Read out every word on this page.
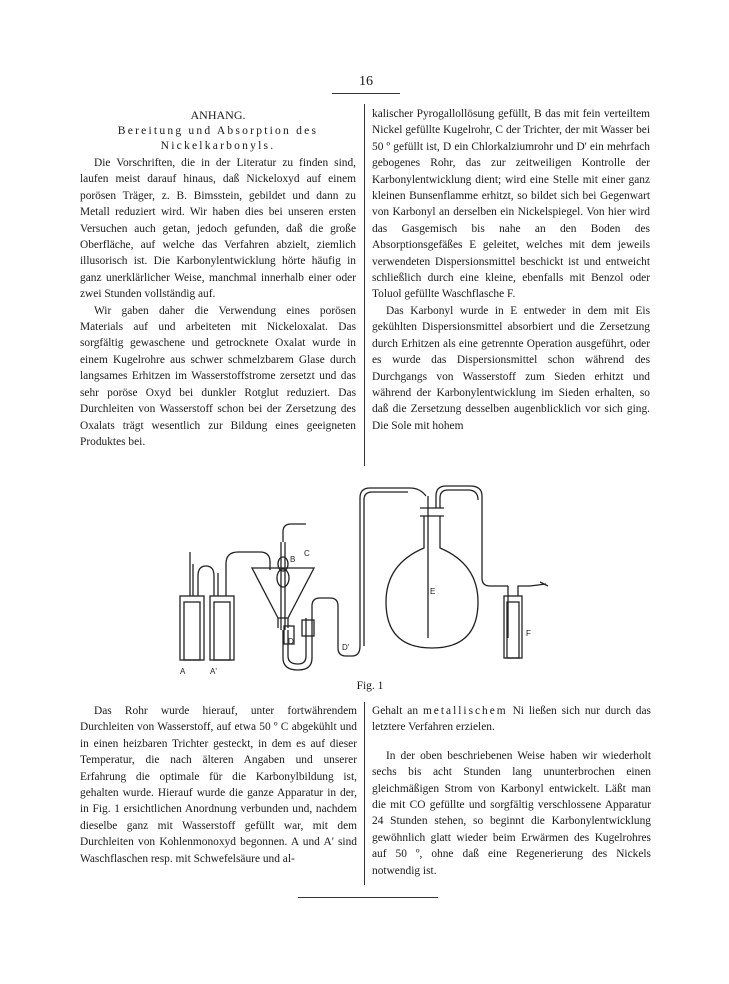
16
ANHANG.
Bereitung und Absorption des Nickelkarbonyls.

Die Vorschriften, die in der Literatur zu finden sind, laufen meist darauf hinaus, daß Nickeloxyd auf einem porösen Träger, z. B. Bimsstein, gebildet und dann zu Metall reduziert wird. Wir haben dies bei unseren ersten Versuchen auch getan, jedoch gefunden, daß die große Oberfläche, auf welche das Verfahren abzielt, ziemlich illusorisch ist. Die Karbonylentwicklung hörte häufig in ganz unerklärlicher Weise, manchmal innerhalb einer oder zwei Stunden vollständig auf.

Wir gaben daher die Verwendung eines porösen Materials auf und arbeiteten mit Nickeloxalat. Das sorgfältig gewaschene und getrocknete Oxalat wurde in einem Kugelrohre aus schwer schmelzbarem Glase durch langsames Erhitzen im Wasserstoffstrome zersetzt und das sehr poröse Oxyd bei dunkler Rotglut reduziert. Das Durchleiten von Wasserstoff schon bei der Zersetzung des Oxalats trägt wesentlich zur Bildung eines geeigneten Produktes bei.

kalischer Pyrogallollösung gefüllt, B das mit fein verteiltem Nickel gefüllte Kugelrohr, C der Trichter, der mit Wasser bei 50 º gefüllt ist, D ein Chlorkalziumrohr und D' ein mehrfach gebogenes Rohr, das zur zeitweiligen Kontrolle der Karbonylentwicklung dient; wird eine Stelle mit einer ganz kleinen Bunsenflamme erhitzt, so bildet sich bei Gegenwart von Karbonyl an derselben ein Nickelspiegel. Von hier wird das Gasgemisch bis nahe an den Boden des Absorptionsgefäßes E geleitet, welches mit dem jeweils verwendeten Dispersionsmittel beschickt ist und entweicht schließlich durch eine kleine, ebenfalls mit Benzol oder Toluol gefüllte Waschflasche F.

Das Karbonyl wurde in E entweder in dem mit Eis gekühlten Dispersionsmittel absorbiert und die Zersetzung durch Erhitzen als eine getrennte Operation ausgeführt, oder es wurde das Dispersionsmittel schon während des Durchgangs von Wasserstoff zum Sieden erhitzt und während der Karbonylentwicklung im Sieden erhalten, so daß die Zersetzung desselben augenblicklich vor sich ging. Die Sole mit hohem

A	A'
B
C
D
D'
E
F
Fig. 1

Das Rohr wurde hierauf, unter fortwährendem Durchleiten von Wasserstoff, auf etwa 50 º C abgekühlt und in einen heizbaren Trichter gesteckt, in dem es auf dieser Temperatur, die nach älteren Angaben und unserer Erfahrung die optimale für die Karbonylbildung ist, gehalten wurde. Hierauf wurde die ganze Apparatur in der, in Fig. 1 ersichtlichen Anordnung verbunden und, nachdem dieselbe ganz mit Wasserstoff gefüllt war, mit dem Durchleiten von Kohlenmonoxyd begonnen. A und A' sind Waschflaschen resp. mit Schwefelsäure und al-

Gehalt an metallischem Ni ließen sich nur durch das letztere Verfahren erzielen.

In der oben beschriebenen Weise haben wir wiederholt sechs bis acht Stunden lang ununterbrochen einen gleichmäßigen Strom von Karbonyl entwickelt. Läßt man die mit CO gefüllte und sorgfältig verschlossene Apparatur 24 Stunden stehen, so beginnt die Karbonylentwicklung gewöhnlich glatt wieder beim Erwärmen des Kugelrohres auf 50 º, ohne daß eine Regenerierung des Nickels notwendig ist.
